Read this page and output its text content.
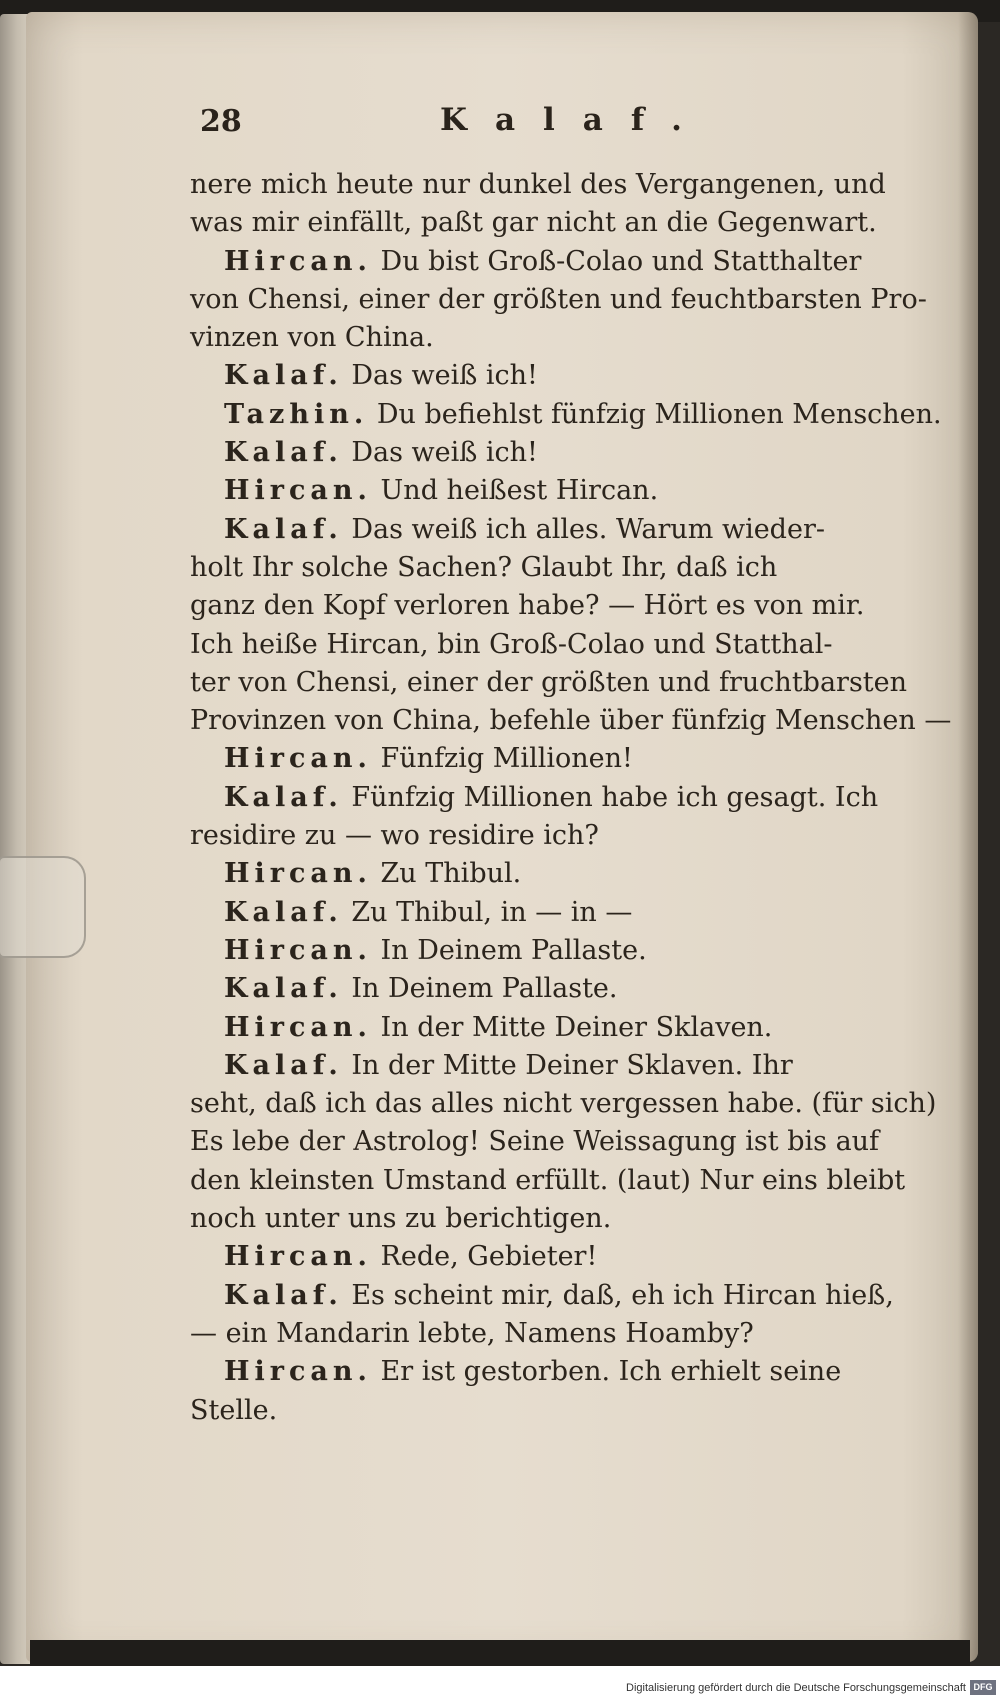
28	Kalaf.
nere mich heute nur dunkel des Vergangenen, und
was mir einfällt, paßt gar nicht an die Gegenwart.
Hircan. Du bist Groß-Colao und Statthalter
von Chensi, einer der größten und feuchtbarsten Pro-
vinzen von China.
Kalaf. Das weiß ich!
Tazhin. Du befiehlst fünfzig Millionen Menschen.
Kalaf. Das weiß ich!
Hircan. Und heißest Hircan.
Kalaf. Das weiß ich alles. Warum wieder-
holt Ihr solche Sachen? Glaubt Ihr, daß ich
ganz den Kopf verloren habe? — Hört es von mir.
Ich heiße Hircan, bin Groß-Colao und Statthal-
ter von Chensi, einer der größten und fruchtbarsten
Provinzen von China, befehle über fünfzig Menschen —
Hircan. Fünfzig Millionen!
Kalaf. Fünfzig Millionen habe ich gesagt. Ich
residire zu — wo residire ich?
Hircan. Zu Thibul.
Kalaf. Zu Thibul, in — in —
Hircan. In Deinem Pallaste.
Kalaf. In Deinem Pallaste.
Hircan. In der Mitte Deiner Sklaven.
Kalaf. In der Mitte Deiner Sklaven. Ihr
seht, daß ich das alles nicht vergessen habe. (für sich)
Es lebe der Astrolog! Seine Weissagung ist bis auf
den kleinsten Umstand erfüllt. (laut) Nur eins bleibt
noch unter uns zu berichtigen.
Hircan. Rede, Gebieter!
Kalaf. Es scheint mir, daß, eh ich Hircan hieß,
— ein Mandarin lebte, Namens Hoamby?
Hircan. Er ist gestorben. Ich erhielt seine
Stelle.
Digitalisierung gefördert durch die Deutsche Forschungsgemeinschaft DFG
